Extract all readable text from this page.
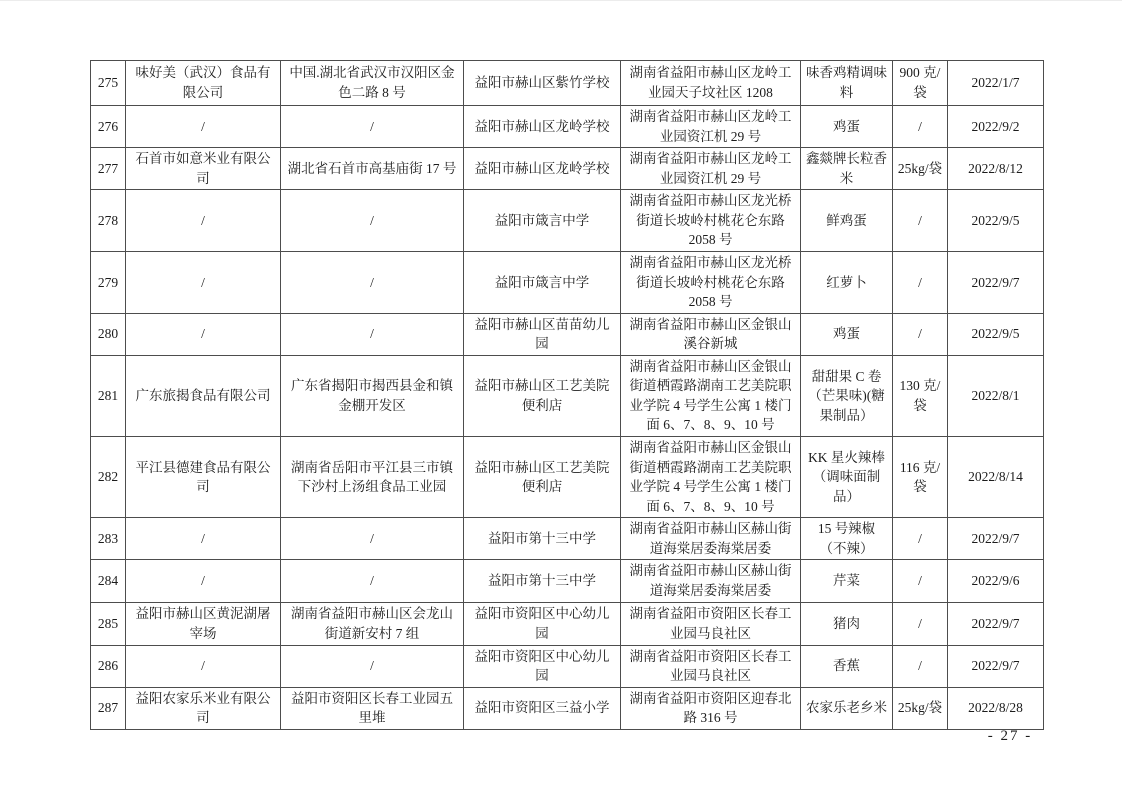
275	味好美（武汉）食品有限公司	中国.湖北省武汉市汉阳区金色二路 8 号	益阳市赫山区紫竹学校	湖南省益阳市赫山区龙岭工业园天子坟社区 1208	味香鸡精调味料	900 克/袋	2022/1/7
276	/	/	益阳市赫山区龙岭学校	湖南省益阳市赫山区龙岭工业园资江机 29 号	鸡蛋	/	2022/9/2
277	石首市如意米业有限公司	湖北省石首市高基庙街 17 号	益阳市赫山区龙岭学校	湖南省益阳市赫山区龙岭工业园资江机 29 号	鑫燚牌长粒香米	25kg/袋	2022/8/12
278	/	/	益阳市箴言中学	湖南省益阳市赫山区龙光桥街道长坡岭村桃花仑东路 2058 号	鲜鸡蛋	/	2022/9/5
279	/	/	益阳市箴言中学	湖南省益阳市赫山区龙光桥街道长坡岭村桃花仑东路 2058 号	红萝卜	/	2022/9/7
280	/	/	益阳市赫山区苗苗幼儿园	湖南省益阳市赫山区金银山溪谷新城	鸡蛋	/	2022/9/5
281	广东旅揭食品有限公司	广东省揭阳市揭西县金和镇金棚开发区	益阳市赫山区工艺美院便利店	湖南省益阳市赫山区金银山街道栖霞路湖南工艺美院职业学院 4 号学生公寓 1 楼门面 6、7、8、9、10 号	甜甜果 C 卷（芒果味)(糖果制品）	130 克/袋	2022/8/1
282	平江县德建食品有限公司	湖南省岳阳市平江县三市镇下沙村上汤组食品工业园	益阳市赫山区工艺美院便利店	湖南省益阳市赫山区金银山街道栖霞路湖南工艺美院职业学院 4 号学生公寓 1 楼门面 6、7、8、9、10 号	KK 星火辣棒（调味面制品）	116 克/袋	2022/8/14
283	/	/	益阳市第十三中学	湖南省益阳市赫山区赫山街道海棠居委海棠居委	15 号辣椒（不辣）	/	2022/9/7
284	/	/	益阳市第十三中学	湖南省益阳市赫山区赫山街道海棠居委海棠居委	芹菜	/	2022/9/6
285	益阳市赫山区黄泥湖屠宰场	湖南省益阳市赫山区会龙山街道新安村 7 组	益阳市资阳区中心幼儿园	湖南省益阳市资阳区长春工业园马良社区	猪肉	/	2022/9/7
286	/	/	益阳市资阳区中心幼儿园	湖南省益阳市资阳区长春工业园马良社区	香蕉	/	2022/9/7
287	益阳农家乐米业有限公司	益阳市资阳区长春工业园五里堆	益阳市资阳区三益小学	湖南省益阳市资阳区迎春北路 316 号	农家乐老乡米	25kg/袋	2022/8/28
- 27 -
